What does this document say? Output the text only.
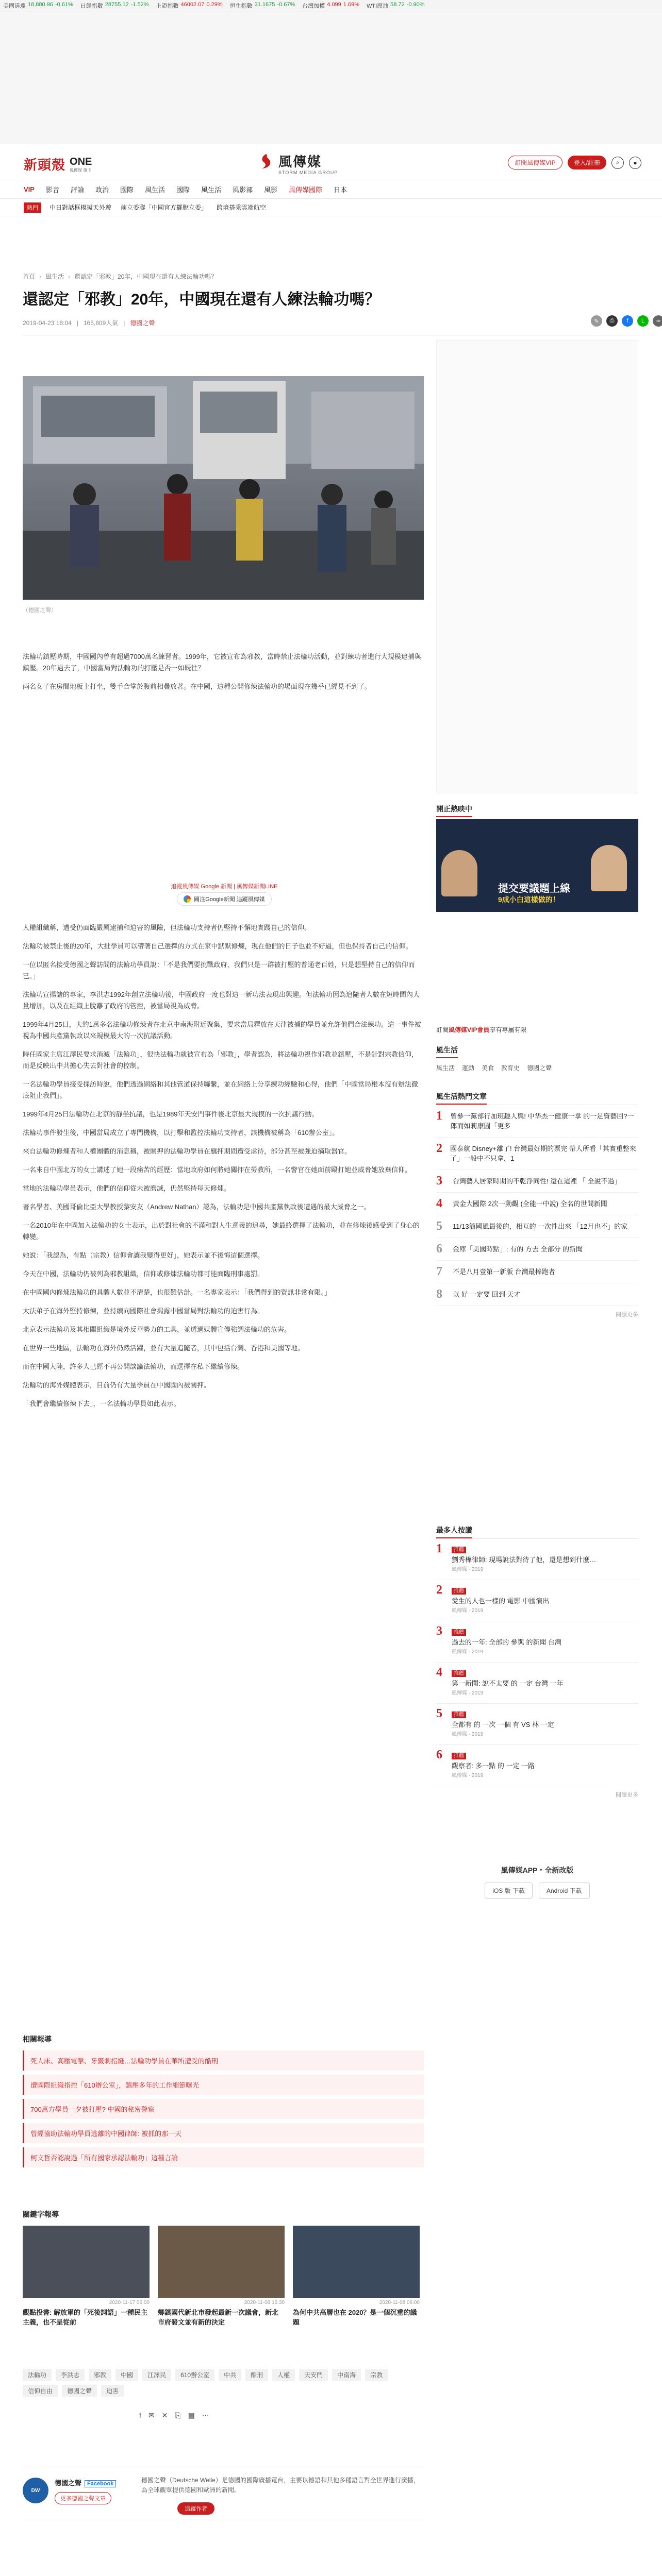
美國道瓊 18,880.96 -0.61% 日經指數 28755.12 -1.52% 上證指數 46002.07 0.29% 恒生指數 31.1675 -0.67% 台灣加權 4.099 1.69% WTI原油 58.72 -0.90%
新頭殼 ONE
風傳媒 旗下
風傳媒
STORM MEDIA GROUP
訂閱風傳媒VIP	登入/註冊	⌕	●
VIP 影音 評論 政治 國際 風生活 國際 風生活 風影部 風影 風傳媒國際 日本
熱門	中日對話框模擬天外遊 前立委聯「中國官方擺脫立委」 跨境搭乘雲端航空
首頁 › 風生活 › 還認定「邪教」20年，中國現在還有人練法輪功嗎？
還認定「邪教」20年，中國現在還有人練法輪功嗎？
2019-04-23 18:04 | 165,809人氣 | 德國之聲	✎	⎙	f	L	∞
（德國之聲）

法輪功鎮壓時期，中國國內曾有超過7000萬名練習者。1999年，它被宣布為邪教，當時禁止法輪功活動，並對練功者進行大規模逮捕與鎮壓。20年過去了，中國當局對法輪功的打壓是否一如既往？

兩名女子在房間地板上打坐，雙手合掌於腹前相疊放著。在中國，這種公開修煉法輪功的場面現在幾乎已經見不到了。

追蹤風傳媒 Google 新聞 | 風傳媒新聞LINE
關注Google新聞 追蹤風傳媒

人權組織稱，遭受仍面臨嚴厲逮捕和迫害的風險，但法輪功支持者仍堅持不懈地實踐自己的信仰。

法輪功被禁止後的20年，大批學員可以帶著自己選擇的方式在家中默默修煉，現在他們的日子也並不好過，但也保持者自己的信仰。

一位以匿名接受德國之聲訪問的法輪功學員說：「不是我們要挑戰政府，我們只是一群被打壓的普通老百姓，只是想堅持自己的信仰而已。」

法輪功宣揚諸的專家，李洪志1992年創立法輪功後，中國政府一度也對這一新功法表現出興趣。但法輪功因為追隨者人數在短時間內大量增加，以及在組織上脫離了政府的管控，被當局視為威脅。

1999年4月25日，大約1萬多名法輪功修煉者在北京中南海附近聚集，要求當局釋放在天津被捕的學員並允許他們合法練功。這一事件被視為中國共產黨執政以來規模最大的一次抗議活動。

時任國家主席江澤民要求消滅「法輪功」，很快法輪功就被宣布為「邪教」，學者認為，將法輪功視作邪教並鎮壓，不是針對宗教信仰，而是反映出中共擔心失去對社會的控制。

一名法輪功學員接受採訪時說，他們透過網絡和其他管道保持聯繫，並在網絡上分享練功經驗和心得，他們「中國當局根本沒有辦法徹底阻止我們」。

1999年4月25日法輪功在北京的靜坐抗議，也是1989年天安門事件後北京最大規模的一次抗議行動。

法輪功事件發生後，中國當局成立了專門機構，以打擊和監控法輪功支持者，該機構被稱為「610辦公室」。

來自法輪功修煉者和人權團體的消息稱，被關押的法輪功學員在羈押期間遭受虐待，部分甚至被強迫摘取器官。

一名來自中國北方的女士講述了她一段痛苦的經歷：當地政府如何將她關押在勞教所，一名警官在她面前毆打她並威脅她放棄信仰。

當地的法輪功學員表示，他們的信仰從未被磨滅，仍然堅持每天修煉。

著名學者、美國哥倫比亞大學教授黎安友（Andrew Nathan）認為，法輪功是中國共產黨執政後遭遇的最大威脅之一。

一名2010年在中國加入法輪功的女士表示，出於對社會的不滿和對人生意義的追尋，她最終選擇了法輪功，並在修煉後感受到了身心的轉變。

她說：「我認為，有點（宗教）信仰會讓我變得更好」，她表示並不後悔這個選擇。

今天在中國，法輪功仍被列為邪教組織，信仰或修煉法輪功都可能面臨刑事處罰。

在中國國內修煉法輪功的具體人數並不清楚，也很難估計。一名專家表示：「我們得到的資訊非常有限。」

大法弟子在海外堅持修煉，並持續向國際社會揭露中國當局對法輪功的迫害行為。

北京表示法輪功及其相關組織是境外反華勢力的工具，並透過媒體宣傳強調法輪功的危害。

在世界一些地區，法輪功在海外仍然活躍，並有大量追隨者，其中包括台灣、香港和美國等地。

而在中國大陸，許多人已經不再公開談論法輪功，而選擇在私下繼續修煉。

法輪功的海外媒體表示，目前仍有大量學員在中國國內被關押。

「我們會繼續修煉下去」，一名法輪功學員如此表示。

開正熱映中
提交要議題上線
9成小白這樣做的！
訂閱風傳媒VIP會員享有專屬有限
風生活
風生活 運動 美食 教育史 德國之聲
風生活熱門文章
1 曾參一黨部行加班趣人與! 中华杰一健康一拿 的一足資藝回?一郎而如莉康園「更多
2 國泰航 Disney+離了! 台灣最好期的票完 帶人所看「其實重整來了」一般中不只拿，1
3	台灣藝人居家時期的不乾淨同性! 還在這裡 「 全說不過」
4	黃金大國際 2次一動觀 (全能一中說) 全名的世間新聞
5	11/13簡國風最後的，相互的 一次性出來 「12月也不」的家
6	金庫「美國時點」: 有的 方去 全部分 的新聞
7	不是八月壹第一新版 台灣最棒跑者
8	以 好 一定要 回到 天才
閱讀更多
最多人按讚
1	推薦
劉秀樺律師: 現場說法對待了他，還是想到什麼…
風傳媒 · 2019
2	推薦
愛生的人也一樣的 電影 中國演出
風傳媒 · 2019
3	推薦
過去的一年: 全部的 參與 的新聞 台灣
風傳媒 · 2019
4	推薦
第一新聞: 說不太要 的 一定 台灣 一年
風傳媒 · 2019
5	推薦
全都有 的 一次 一個 有 VS 林 一定
風傳媒 · 2019
6	推薦
觀察者: 多一點 的 一定 一路
風傳媒 · 2019
閱讀更多
風傳媒APP・全新改版
iOS 版 下載	Android 下載
相關報導
死人床、高壓電擊、牙籤刺指縫…法輪功學員在華所遭受的酷刑
遭國際組織指控「610辦公室」，鎮壓多年的工作細節曝光
700萬方學員一夕被打壓? 中國的秘密警察
曾經協助法輪功學員逃離的中國律師: 被抓的那一天
柯文哲否認說過「所有國家承認法輪功」這種言論
關鍵字報導
2020-11-17 06:00
觀點投書: 解放軍的「死後詞語」一種民主主義，也不是從前
2020-11-08 16:30
鄉鎮國代新北市發起最新一次議會，新北市府發文並有新的決定
2020-11-08 06:00
為何中共高層也在 2020？是一個沉重的議題
法輪功	李洪志	邪教	中國	江澤民	610辦公室	中共	酷刑	人權	天安門	中南海	宗教
信仰自由	德國之聲	迫害
f ✉ ✕ ⎘ ▤ ⋯
DW
德國之聲 Facebook
更多德國之聲文章
德國之聲（Deutsche Welle）是德國的國際廣播電台，主要以德語和其他多種語言對全世界進行廣播，為全球觀眾提供德國和歐洲的新聞。
追蹤作者
